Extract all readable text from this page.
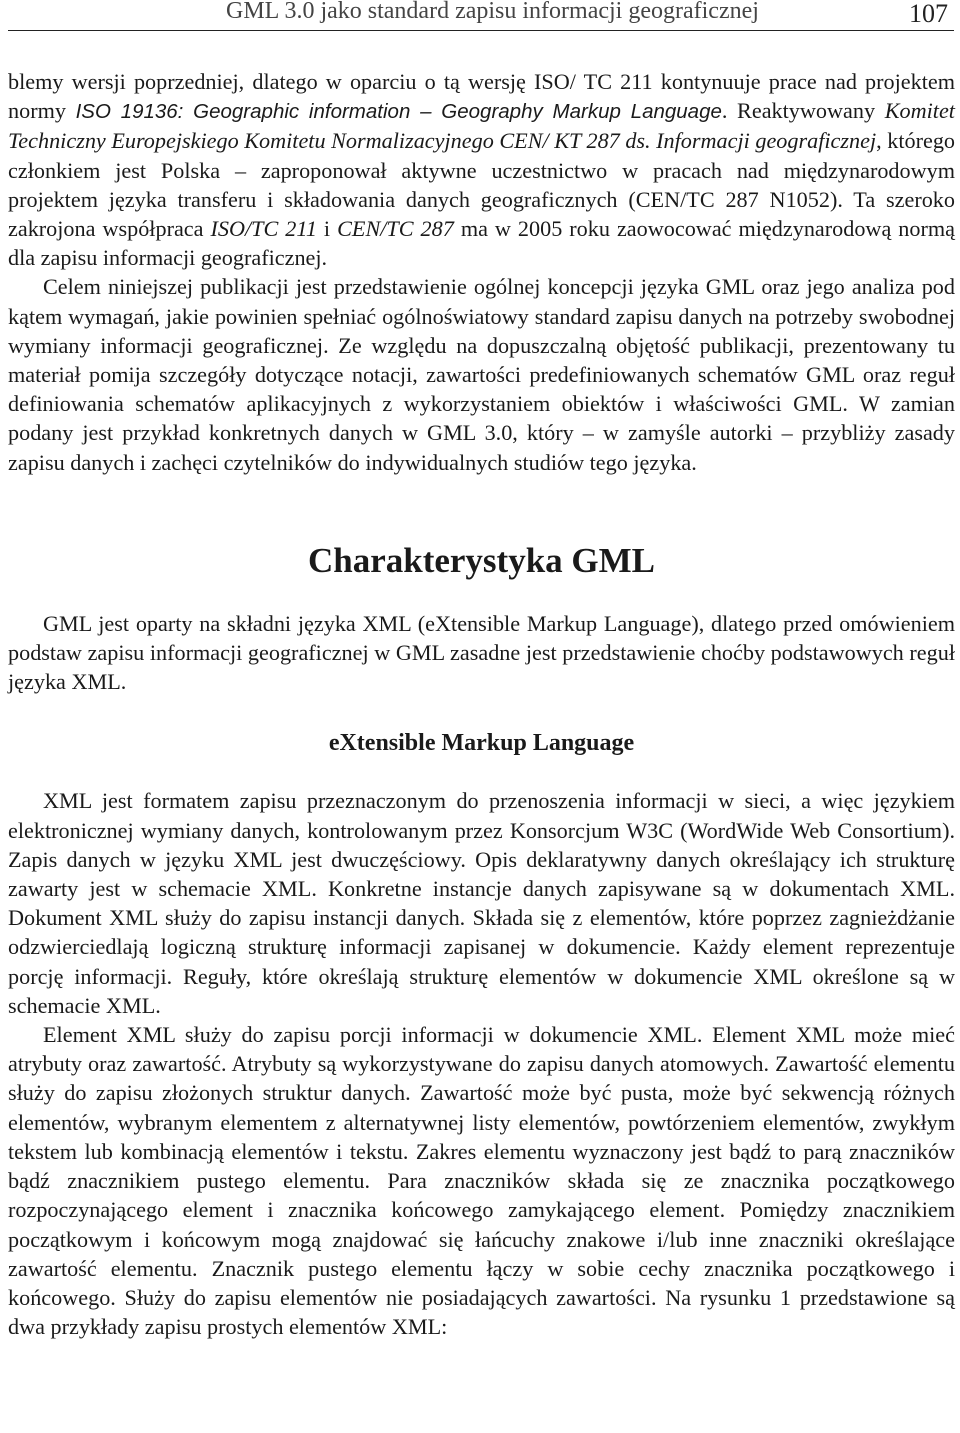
GML 3.0 jako standard zapisu informacji geograficznej	107

blemy wersji poprzedniej, dlatego w oparciu o tą wersję ISO/ TC 211 kontynuuje prace nad projektem normy ISO 19136: Geographic information – Geography Markup Language. Reaktywowany Komitet Techniczny Europejskiego Komitetu Normalizacyjnego CEN/ KT 287 ds. Informacji geograficznej, którego członkiem jest Polska – zaproponował aktywne uczestnictwo w pracach nad międzynarodowym projektem języka transferu i składowania danych geograficznych (CEN/TC 287 N1052). Ta szeroko zakrojona współpraca ISO/TC 211 i CEN/TC 287 ma w 2005 roku zaowocować międzynarodową normą dla zapisu informacji geograficznej.

Celem niniejszej publikacji jest przedstawienie ogólnej koncepcji języka GML oraz jego analiza pod kątem wymagań, jakie powinien spełniać ogólnoświatowy standard zapisu danych na potrzeby swobodnej wymiany informacji geograficznej. Ze względu na dopuszczalną objętość publikacji, prezentowany tu materiał pomija szczegóły dotyczące notacji, zawartości predefiniowanych schematów GML oraz reguł definiowania schematów aplikacyjnych z wykorzystaniem obiektów i właściwości GML. W zamian podany jest przykład konkretnych danych w GML 3.0, który – w zamyśle autorki – przybliży zasady zapisu danych i zachęci czytelników do indywidualnych studiów tego języka.

Charakterystyka GML

GML jest oparty na składni języka XML (eXtensible Markup Language), dlatego przed omówieniem podstaw zapisu informacji geograficznej w GML zasadne jest przedstawienie choćby podstawowych reguł języka XML.

eXtensible Markup Language

XML jest formatem zapisu przeznaczonym do przenoszenia informacji w sieci, a więc językiem elektronicznej wymiany danych, kontrolowanym przez Konsorcjum W3C (WordWide Web Consortium). Zapis danych w języku XML jest dwuczęściowy. Opis deklaratywny danych określający ich strukturę zawarty jest w schemacie XML. Konkretne instancje danych zapisywane są w dokumentach XML. Dokument XML służy do zapisu instancji danych. Składa się z elementów, które poprzez zagnieżdżanie odzwierciedlają logiczną strukturę informacji zapisanej w dokumencie. Każdy element reprezentuje porcję informacji. Reguły, które określają strukturę elementów w dokumencie XML określone są w schemacie XML.

Element XML służy do zapisu porcji informacji w dokumencie XML. Element XML może mieć atrybuty oraz zawartość. Atrybuty są wykorzystywane do zapisu danych atomowych. Zawartość elementu służy do zapisu złożonych struktur danych. Zawartość może być pusta, może być sekwencją różnych elementów, wybranym elementem z alternatywnej listy elementów, powtórzeniem elementów, zwykłym tekstem lub kombinacją elementów i tekstu. Zakres elementu wyznaczony jest bądź to parą znaczników bądź znacznikiem pustego elementu. Para znaczników składa się ze znacznika początkowego rozpoczynającego element i znacznika końcowego zamykającego element. Pomiędzy znacznikiem początkowym i końcowym mogą znajdować się łańcuchy znakowe i/lub inne znaczniki określające zawartość elementu. Znacznik pustego elementu łączy w sobie cechy znacznika początkowego i końcowego. Służy do zapisu elementów nie posiadających zawartości. Na rysunku 1 przedstawione są dwa przykłady zapisu prostych elementów XML:
